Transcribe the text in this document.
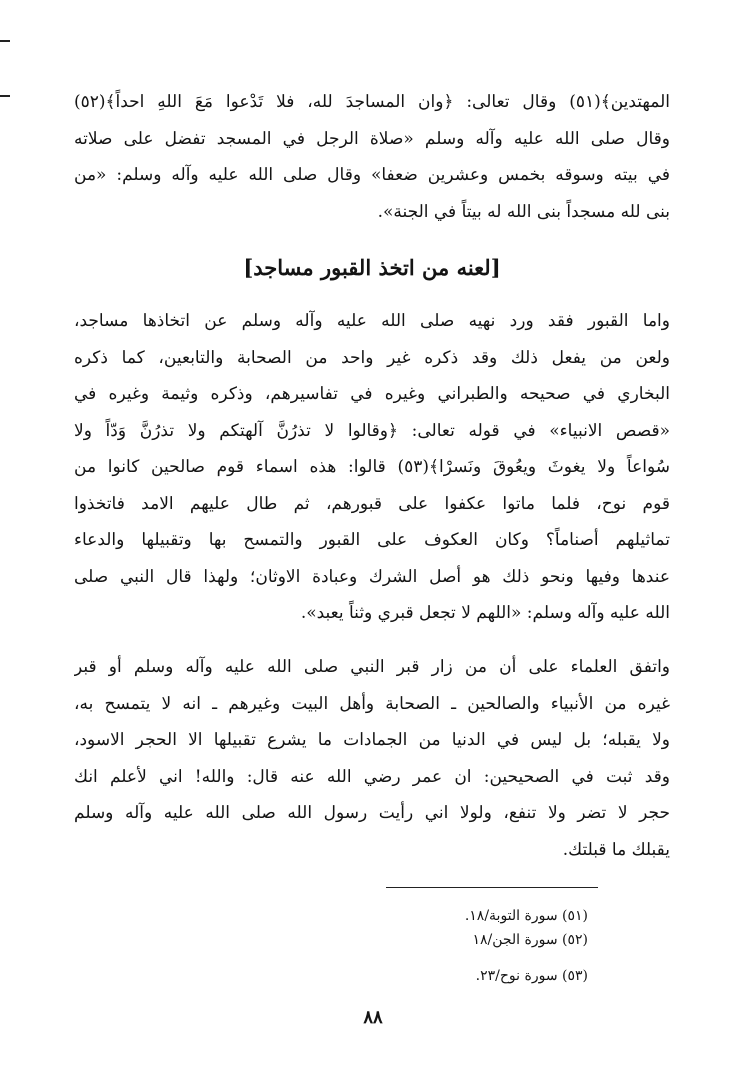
المهتدين﴾(٥١) وقال تعالى: ﴿وان المساجدَ لله، فلا تَدْعوا مَعَ اللهِ احداً﴾(٥٢)
وقال صلى الله عليه وآله وسلم «صلاة الرجل في المسجد تفضل على صلاته
في بيته وسوقه بخمس وعشرين ضعفا» وقال صلى الله عليه وآله وسلم: «من
بنى لله مسجداً بنى الله له بيتاً في الجنة».
[لعنه من اتخذ القبور مساجد]
واما القبور فقد ورد نهيه صلى الله عليه وآله وسلم عن اتخاذها مساجد،
ولعن من يفعل ذلك وقد ذكره غير واحد من الصحابة والتابعين، كما ذكره
البخاري في صحيحه والطبراني وغيره في تفاسيرهم، وذكره وثيمة وغيره في
«قصص الانبياء» في قوله تعالى: ﴿وقالوا لا تذرُنَّ آلهتكم ولا تذرُنَّ وَدّاً ولا
سُواعاً ولا يغوثَ ويعُوقَ ونَسرْا﴾(٥٣) قالوا: هذه اسماء قوم صالحين كانوا من
قوم نوح، فلما ماتوا عكفوا على قبورهم، ثم طال عليهم الامد فاتخذوا
تماثيلهم أصناماً؟ وكان العكوف على القبور والتمسح بها وتقبيلها والدعاء
عندها وفيها ونحو ذلك هو أصل الشرك وعبادة الاوثان؛ ولهذا قال النبي صلى
الله عليه وآله وسلم: «اللهم لا تجعل قبري وثناً يعبد».
واتفق العلماء على أن من زار قبر النبي صلى الله عليه وآله وسلم أو قبر
غيره من الأنبياء والصالحين ـ الصحابة وأهل البيت وغيرهم ـ انه لا يتمسح به،
ولا يقبله؛ بل ليس في الدنيا من الجمادات ما يشرع تقبيلها الا الحجر الاسود،
وقد ثبت في الصحيحين: ان عمر رضي الله عنه قال: والله! اني لأعلم انك
حجر لا تضر ولا تنفع، ولولا اني رأيت رسول الله صلى الله عليه وآله وسلم
يقبلك ما قبلتك.
(٥١) سورة التوبة/١٨.
(٥٢) سورة الجن/١٨
(٥٣) سورة نوح/٢٣.
٨٨
